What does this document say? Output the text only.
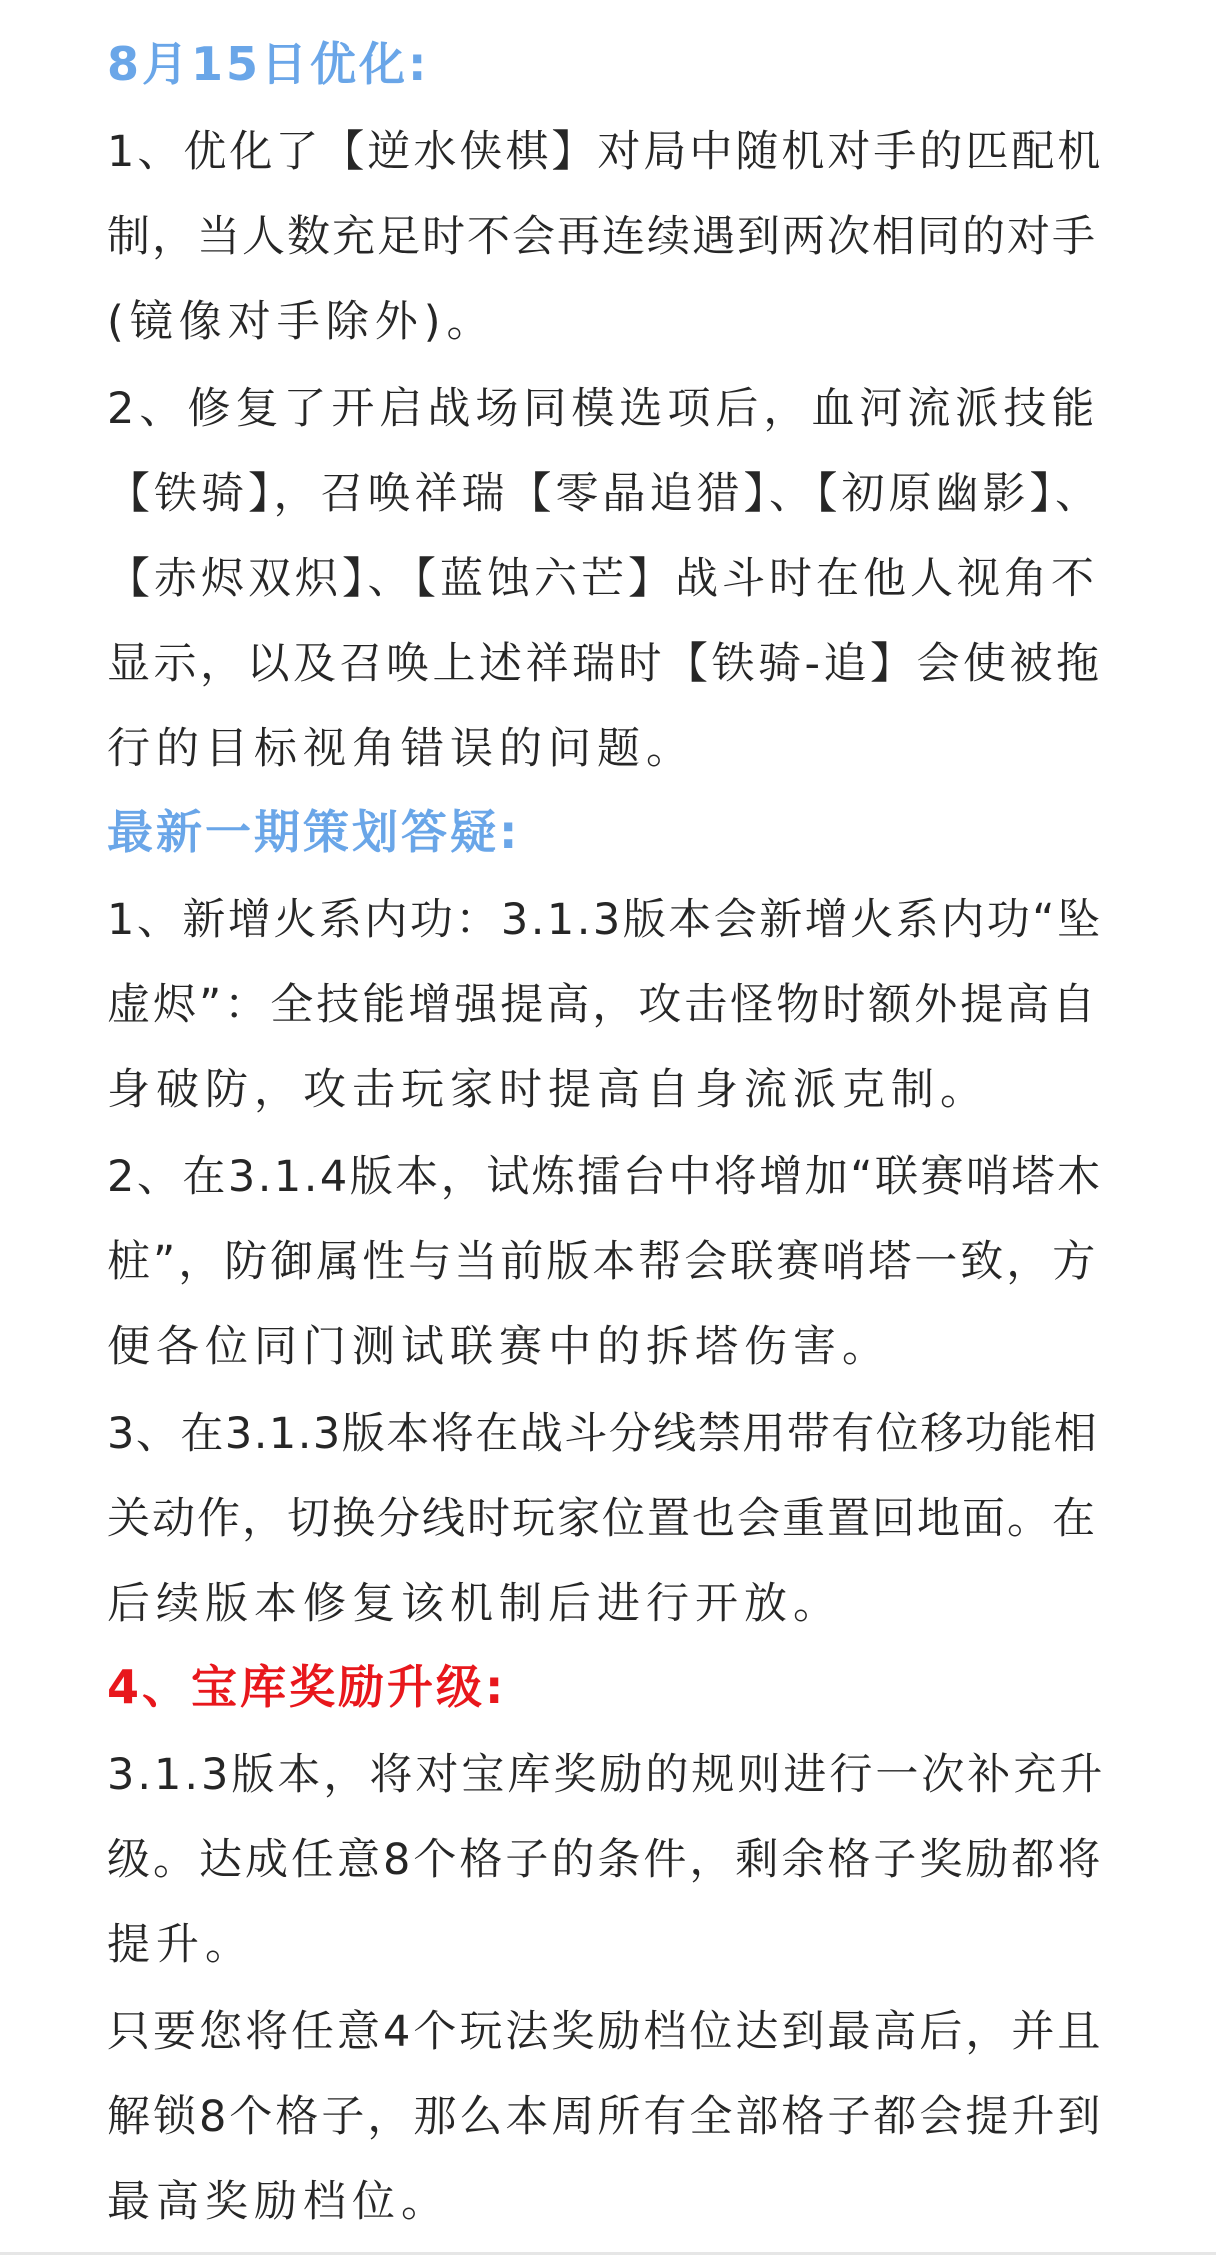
8月15日优化:
1、优化了【逆水侠棋】对局中随机对手的匹配机
制，当人数充足时不会再连续遇到两次相同的对手
(镜像对手除外)。
2、修复了开启战场同模选项后，血河流派技能
【铁骑】，召唤祥瑞【零晶追猎】、【初原幽影】、
【赤烬双炽】、【蓝蚀六芒】战斗时在他人视角不
显示，以及召唤上述祥瑞时【铁骑-追】会使被拖
行的目标视角错误的问题。
最新一期策划答疑:
1、新增火系内功：3.1.3版本会新增火系内功“坠
虚烬”：全技能增强提高，攻击怪物时额外提高自
身破防，攻击玩家时提高自身流派克制。
2、在3.1.4版本，试炼擂台中将增加“联赛哨塔木
桩”，防御属性与当前版本帮会联赛哨塔一致，方
便各位同门测试联赛中的拆塔伤害。
3、在3.1.3版本将在战斗分线禁用带有位移功能相
关动作，切换分线时玩家位置也会重置回地面。在
后续版本修复该机制后进行开放。
4、宝库奖励升级:
3.1.3版本，将对宝库奖励的规则进行一次补充升
级。达成任意8个格子的条件，剩余格子奖励都将
提升。
只要您将任意4个玩法奖励档位达到最高后，并且
解锁8个格子，那么本周所有全部格子都会提升到
最高奖励档位。
